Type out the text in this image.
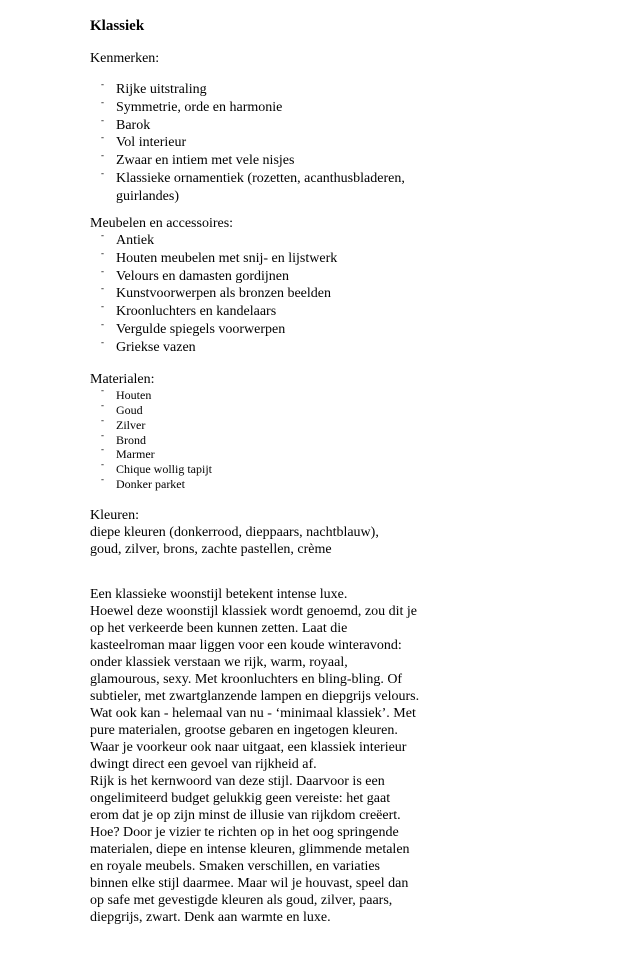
Klassiek

Kenmerken:

- Rijke uitstraling
- Symmetrie, orde en harmonie
- Barok
- Vol interieur
- Zwaar en intiem met vele nisjes
- Klassieke ornamentiek (rozetten, acanthusbladeren, guirlandes)

Meubelen en accessoires:

- Antiek
- Houten meubelen met snij- en lijstwerk
- Velours en damasten gordijnen
- Kunstvoorwerpen als bronzen beelden
- Kroonluchters en kandelaars
- Vergulde spiegels voorwerpen
- Griekse vazen

Materialen:

- Houten
- Goud
- Zilver
- Brond
- Marmer
- Chique wollig tapijt
- Donker parket

Kleuren:

diepe kleuren (donkerrood, dieppaars, nachtblauw),

goud, zilver, brons, zachte pastellen, crème

Een klassieke woonstijl betekent intense luxe.

Hoewel deze woonstijl klassiek wordt genoemd, zou dit je op het verkeerde been kunnen zetten. Laat die kasteelroman maar liggen voor een koude winteravond: onder klassiek verstaan we rijk, warm, royaal, glamourous, sexy. Met kroonluchters en bling-bling. Of subtieler, met zwartglanzende lampen en diepgrijs velours. Wat ook kan - helemaal van nu - ‘minimaal klassiek’. Met pure materialen, grootse gebaren en ingetogen kleuren. Waar je voorkeur ook naar uitgaat, een klassiek interieur dwingt direct een gevoel van rijkheid af.

Rijk is het kernwoord van deze stijl. Daarvoor is een ongelimiteerd budget gelukkig geen vereiste: het gaat erom dat je op zijn minst de illusie van rijkdom creëert. Hoe? Door je vizier te richten op in het oog springende materialen, diepe en intense kleuren, glimmende metalen en royale meubels. Smaken verschillen, en variaties binnen elke stijl daarmee. Maar wil je houvast, speel dan op safe met gevestigde kleuren als goud, zilver, paars, diepgrijs, zwart. Denk aan warmte en luxe.
